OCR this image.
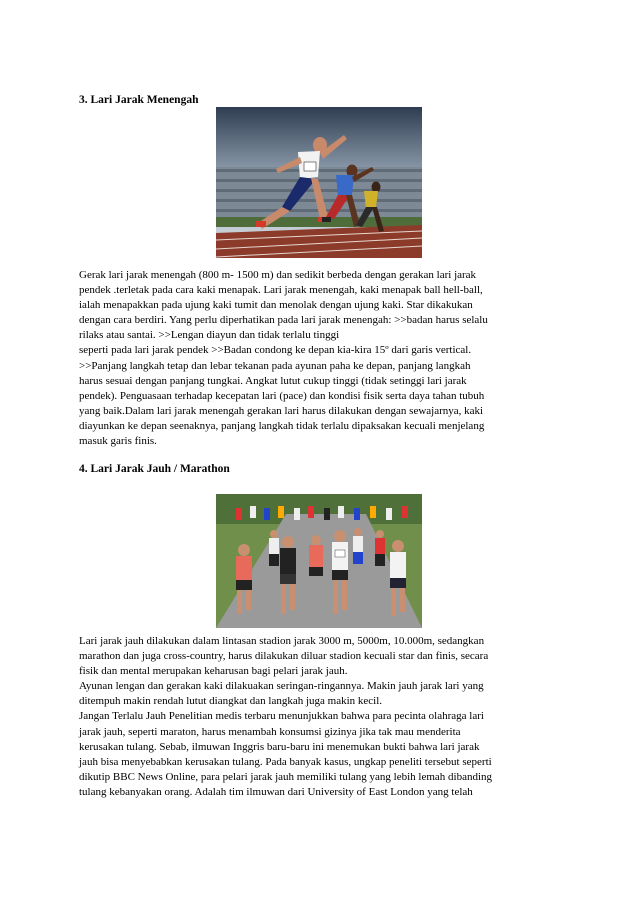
3. Lari Jarak Menengah
Gerak lari jarak menengah (800 m- 1500 m) dan sedikit berbeda dengan gerakan lari jarak
pendek .terletak pada cara kaki menapak. Lari jarak menengah, kaki menapak ball hell-ball,
ialah menapakkan pada ujung kaki tumit dan menolak dengan ujung kaki. Star dikakukan
dengan cara berdiri. Yang perlu diperhatikan pada lari jarak menengah: >>badan harus selalu
rilaks atau santai. >>Lengan diayun dan tidak terlalu tinggi
seperti pada lari jarak pendek >>Badan condong ke depan kia-kira 15º dari garis vertical.
>>Panjang langkah tetap dan lebar tekanan pada ayunan paha ke depan, panjang langkah
harus sesuai dengan panjang tungkai. Angkat lutut cukup tinggi (tidak setinggi lari jarak
pendek). Penguasaan terhadap kecepatan lari (pace) dan kondisi fisik serta daya tahan tubuh
yang baik.Dalam lari jarak menengah gerakan lari harus dilakukan dengan sewajarnya, kaki
diayunkan ke depan seenaknya, panjang langkah tidak terlalu dipaksakan kecuali menjelang
masuk garis finis.
4. Lari Jarak Jauh / Marathon
Lari jarak jauh dilakukan dalam lintasan stadion jarak 3000 m, 5000m, 10.000m, sedangkan
marathon dan juga cross-country, harus dilakukan diluar stadion kecuali star dan finis, secara
fisik dan mental merupakan keharusan bagi pelari jarak jauh.
Ayunan lengan dan gerakan kaki dilakuakan seringan-ringannya. Makin jauh jarak lari yang
ditempuh makin rendah lutut diangkat dan langkah juga makin kecil.
Jangan Terlalu Jauh Penelitian medis terbaru menunjukkan bahwa para pecinta olahraga lari
jarak jauh, seperti maraton, harus menambah konsumsi gizinya jika tak mau menderita
kerusakan tulang. Sebab, ilmuwan Inggris baru-baru ini menemukan bukti bahwa lari jarak
jauh bisa menyebabkan kerusakan tulang. Pada banyak kasus, ungkap peneliti tersebut seperti
dikutip BBC News Online, para pelari jarak jauh memiliki tulang yang lebih lemah dibanding
tulang kebanyakan orang. Adalah tim ilmuwan dari University of East London yang telah
